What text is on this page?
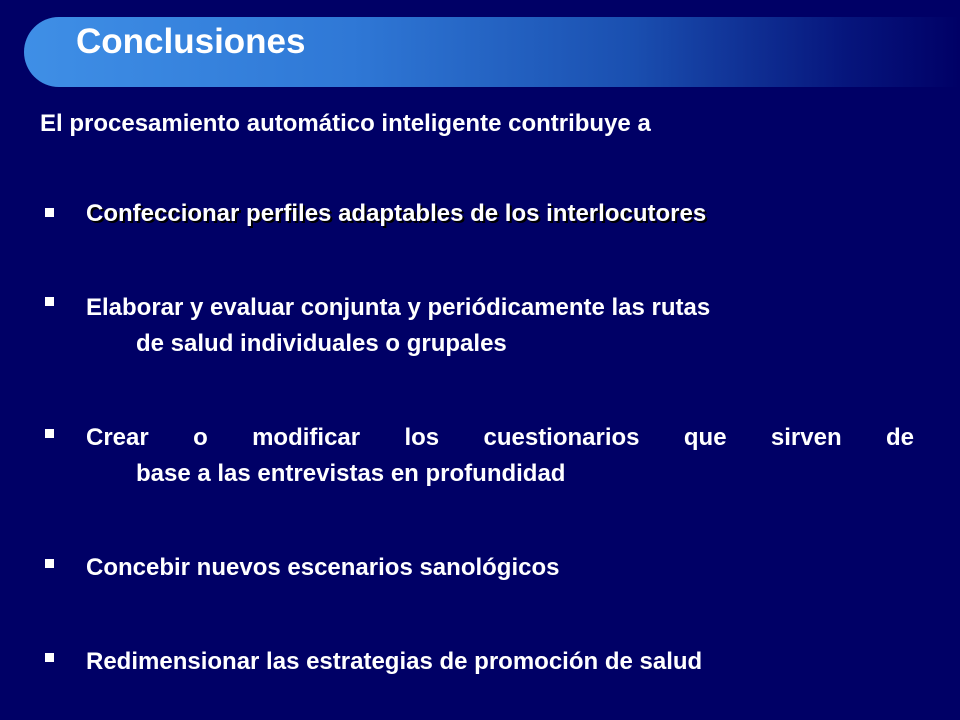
Conclusiones
El procesamiento automático inteligente contribuye a
Confeccionar perfiles adaptables de los interlocutores
Elaborar y evaluar conjunta y periódicamente las rutas
de salud individuales o grupales
Crear o modificar los cuestionarios que sirven de
base a las entrevistas en profundidad
Concebir nuevos escenarios sanológicos
Redimensionar las estrategias de promoción de salud
